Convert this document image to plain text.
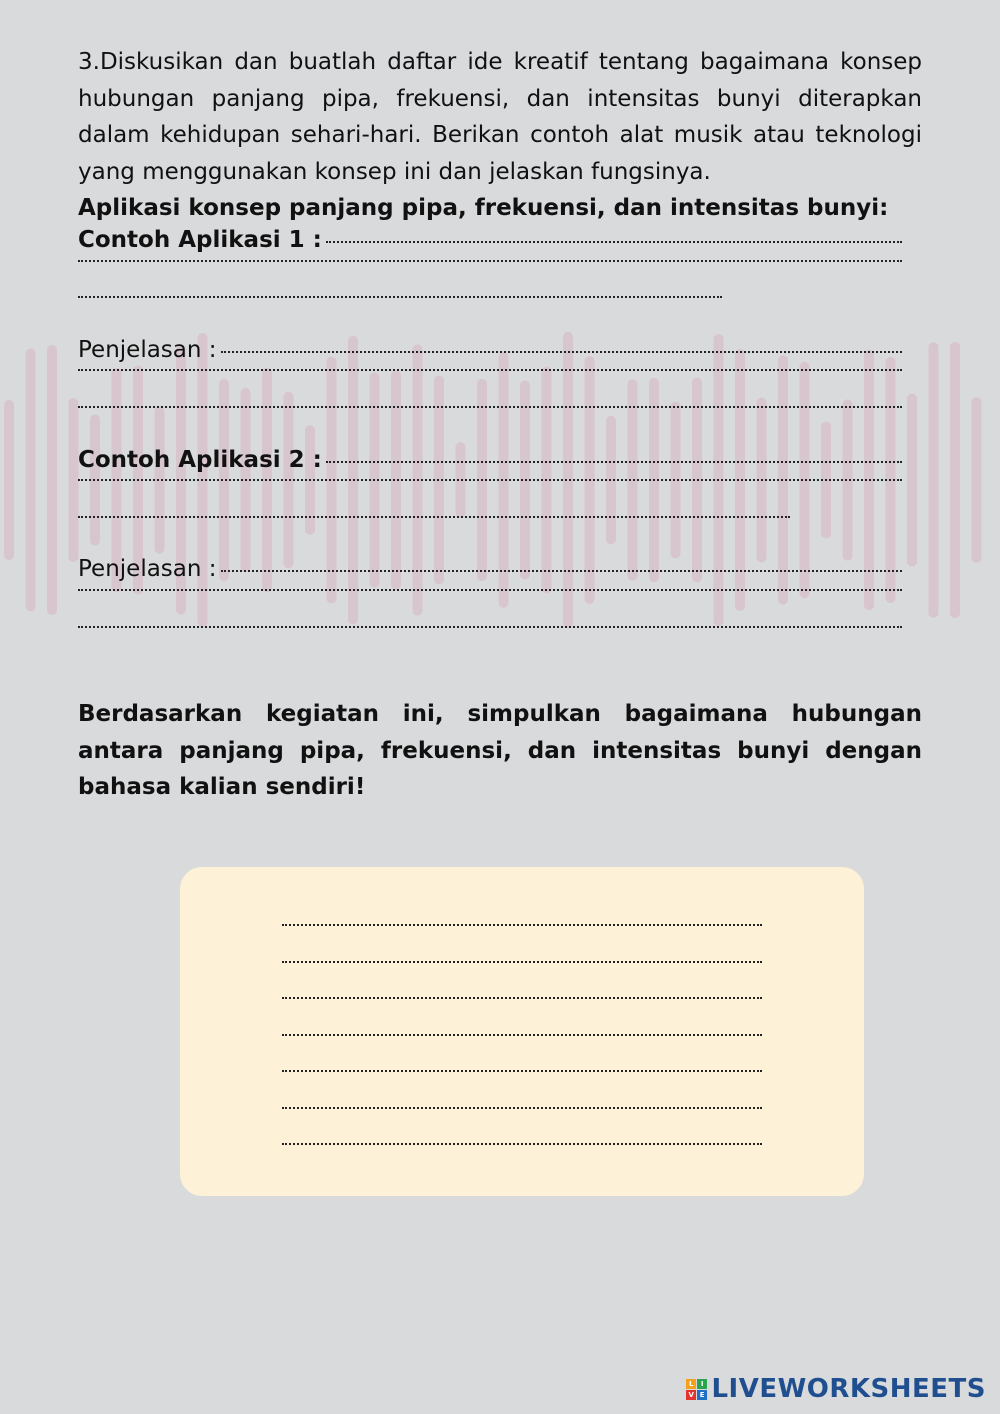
3.Diskusikan dan buatlah daftar ide kreatif tentang bagaimana konsep hubungan panjang pipa, frekuensi, dan intensitas bunyi diterapkan dalam kehidupan sehari-hari. Berikan contoh alat musik atau teknologi yang menggunakan konsep ini dan jelaskan fungsinya.

Aplikasi konsep panjang pipa, frekuensi, dan intensitas bunyi:
Contoh Aplikasi 1 :
Penjelasan :
Contoh Aplikasi 2 :
Penjelasan :

Berdasarkan kegiatan ini, simpulkan bagaimana hubungan antara panjang pipa, frekuensi, dan intensitas bunyi dengan bahasa kalian sendiri!

L I
V E LIVEWORKSHEETS
